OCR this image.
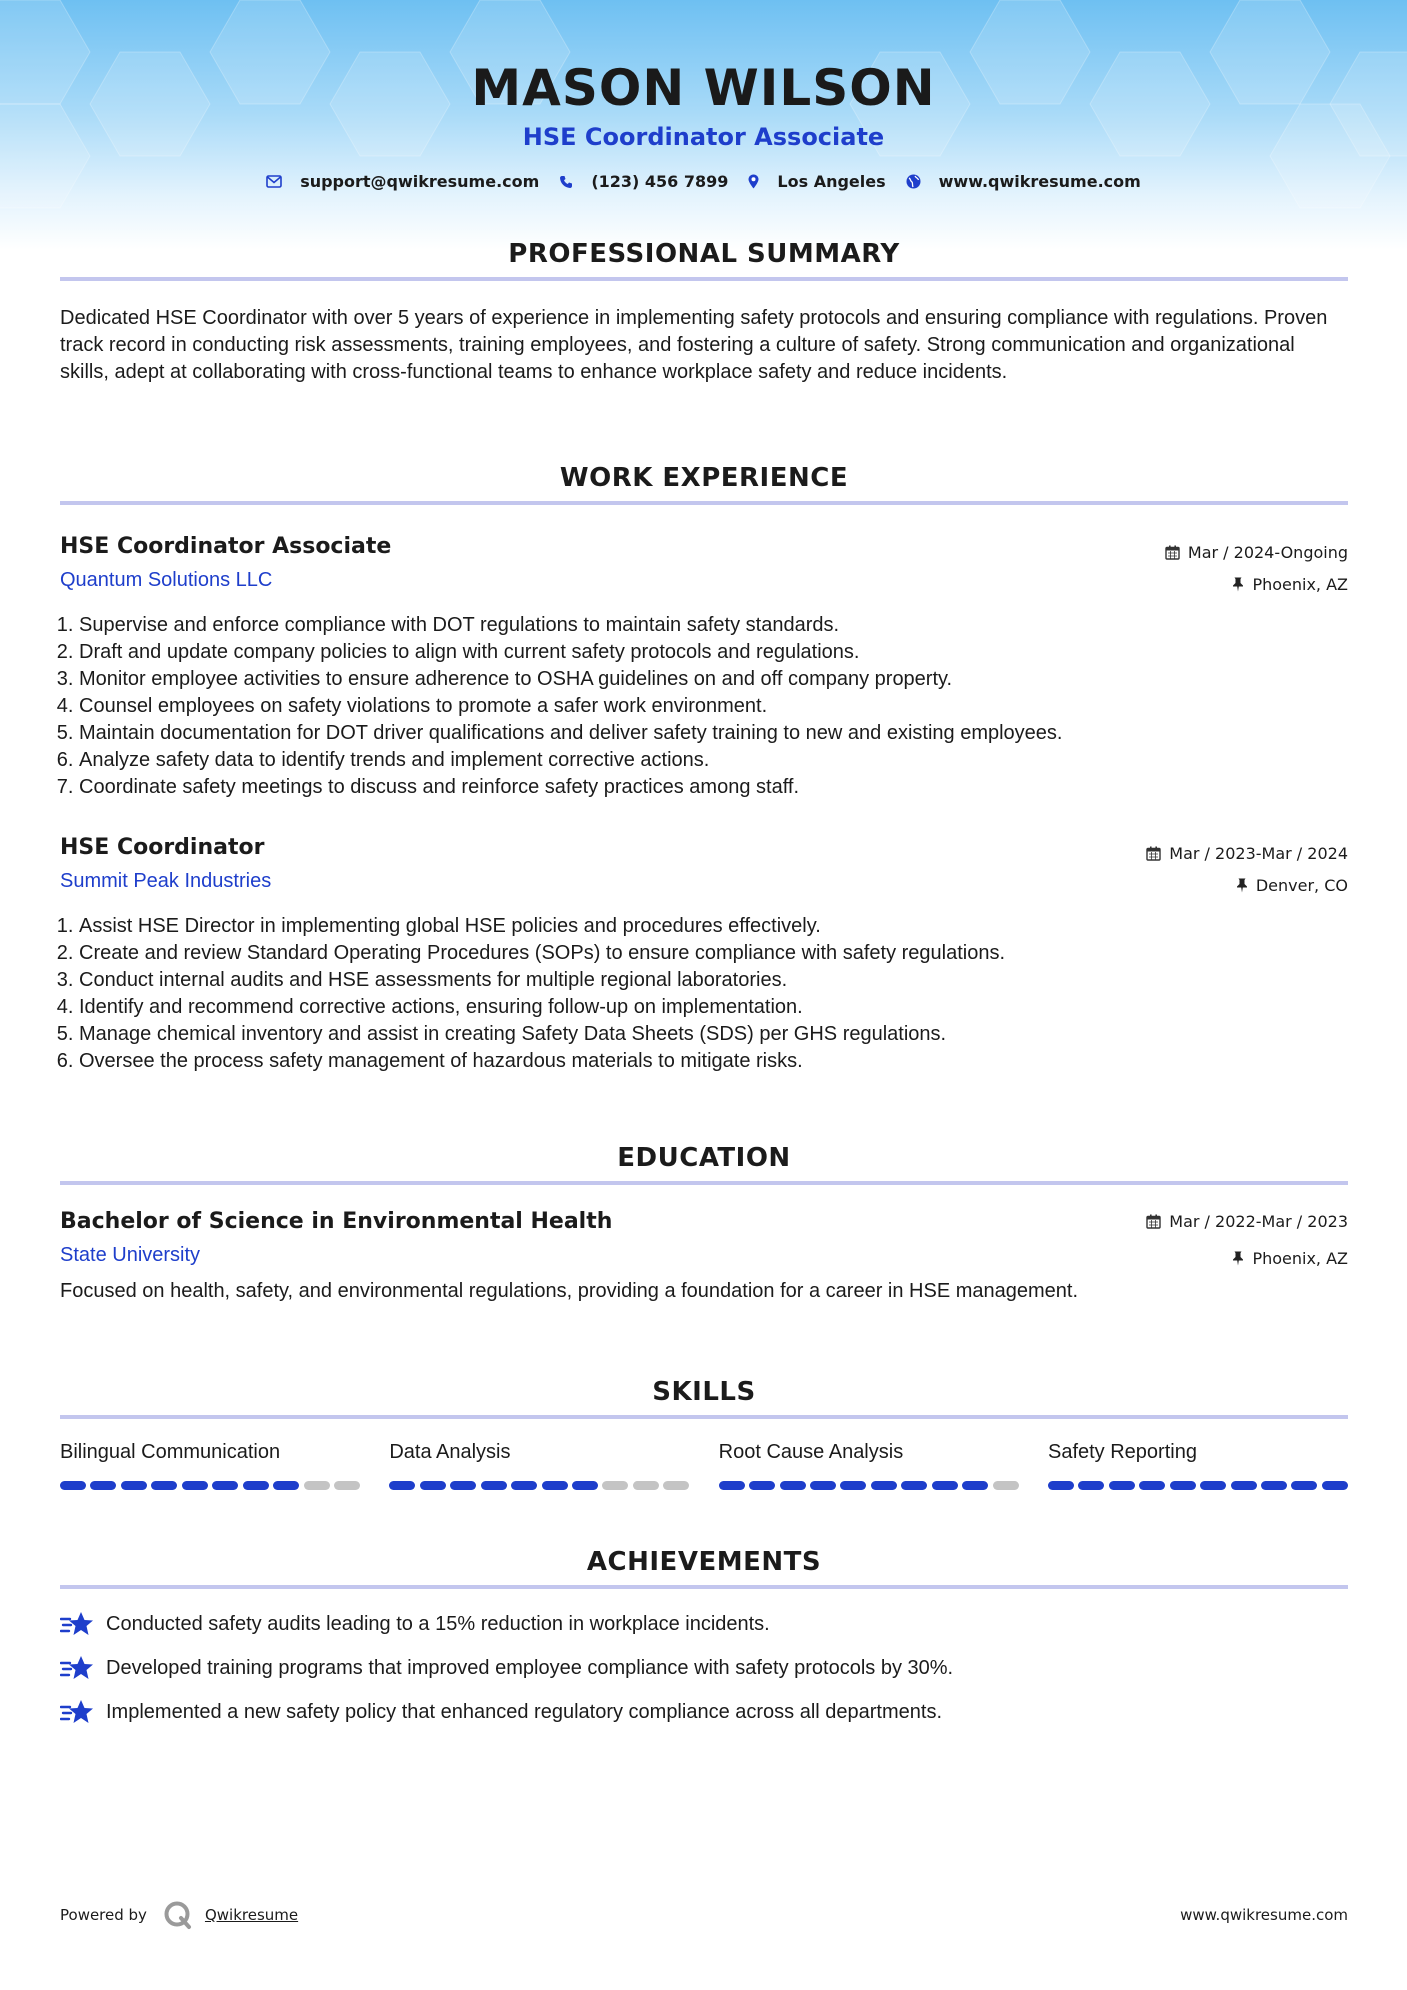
MASON WILSON
HSE Coordinator Associate
support@qwikresume.com	(123) 456 7899	Los Angeles	www.qwikresume.com
PROFESSIONAL SUMMARY

Dedicated HSE Coordinator with over 5 years of experience in implementing safety protocols and ensuring compliance with regulations. Proven track record in conducting risk assessments, training employees, and fostering a culture of safety. Strong communication and organizational skills, adept at collaborating with cross-functional teams to enhance workplace safety and reduce incidents.

WORK EXPERIENCE
HSE Coordinator Associate
Quantum Solutions LLC
Mar / 2024-Ongoing
Phoenix, AZ
1. Supervise and enforce compliance with DOT regulations to maintain safety standards.
2. Draft and update company policies to align with current safety protocols and regulations.
3. Monitor employee activities to ensure adherence to OSHA guidelines on and off company property.
4. Counsel employees on safety violations to promote a safer work environment.
5. Maintain documentation for DOT driver qualifications and deliver safety training to new and existing employees.
6. Analyze safety data to identify trends and implement corrective actions.
7. Coordinate safety meetings to discuss and reinforce safety practices among staff.
HSE Coordinator
Summit Peak Industries
Mar / 2023-Mar / 2024
Denver, CO
1. Assist HSE Director in implementing global HSE policies and procedures effectively.
2. Create and review Standard Operating Procedures (SOPs) to ensure compliance with safety regulations.
3. Conduct internal audits and HSE assessments for multiple regional laboratories.
4. Identify and recommend corrective actions, ensuring follow-up on implementation.
5. Manage chemical inventory and assist in creating Safety Data Sheets (SDS) per GHS regulations.
6. Oversee the process safety management of hazardous materials to mitigate risks.
EDUCATION
Bachelor of Science in Environmental Health
State University
Mar / 2022-Mar / 2023
Phoenix, AZ
Focused on health, safety, and environmental regulations, providing a foundation for a career in HSE management.
SKILLS
Bilingual Communication	Data Analysis	Root Cause Analysis	Safety Reporting
ACHIEVEMENTS
Conducted safety audits leading to a 15% reduction in workplace incidents.
Developed training programs that improved employee compliance with safety protocols by 30%.
Implemented a new safety policy that enhanced regulatory compliance across all departments.
Powered by	Qwikresume	www.qwikresume.com
